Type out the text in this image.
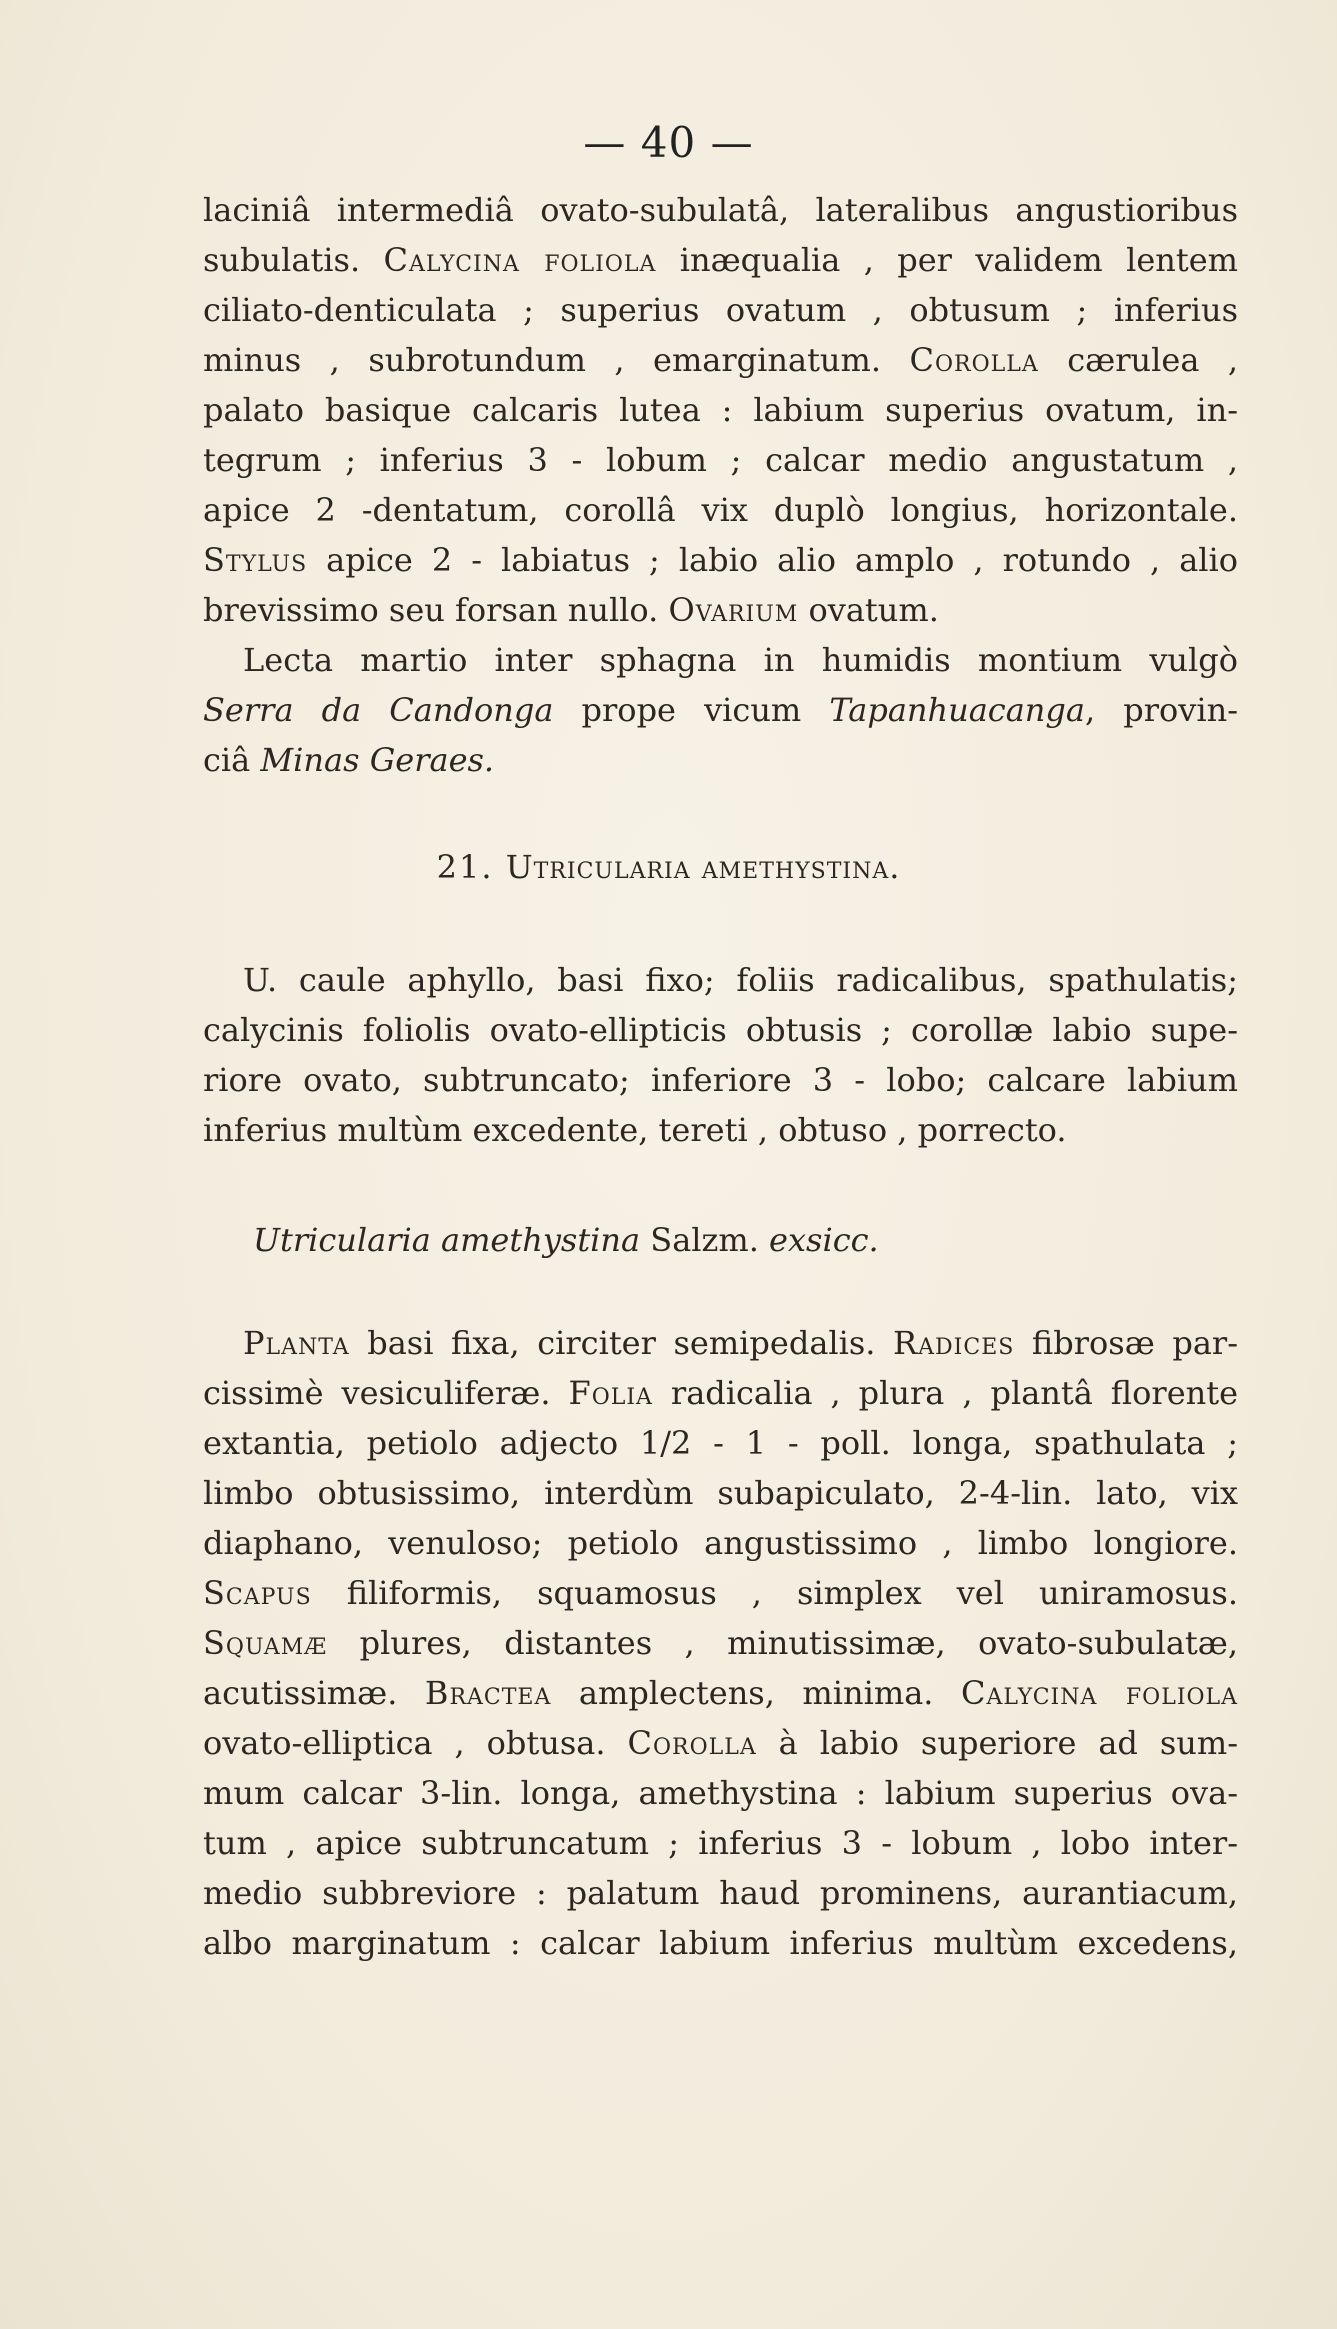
— 40 —
laciniâ intermediâ ovato-subulatâ, lateralibus angustioribus
subulatis. Calycina foliola inæqualia , per validem lentem
ciliato-denticulata ; superius ovatum , obtusum ; inferius
minus , subrotundum , emarginatum. Corolla cærulea ,
palato basique calcaris lutea : labium superius ovatum, in-
tegrum ; inferius 3 - lobum ; calcar medio angustatum ,
apice 2 -dentatum, corollâ vix duplò longius, horizontale.
Stylus apice 2 - labiatus ; labio alio amplo , rotundo , alio
brevissimo seu forsan nullo. Ovarium ovatum.
Lecta martio inter sphagna in humidis montium vulgò
Serra da Candonga prope vicum Tapanhuacanga, provin-
ciâ Minas Geraes.
21. Utricularia amethystina.
U. caule aphyllo, basi fixo; foliis radicalibus, spathulatis;
calycinis foliolis ovato-ellipticis obtusis ; corollæ labio supe-
riore ovato, subtruncato; inferiore 3 - lobo; calcare labium
inferius multùm excedente, tereti , obtuso , porrecto.
Utricularia amethystina Salzm. exsicc.
Planta basi fixa, circiter semipedalis. Radices fibrosæ par-
cissimè vesiculiferæ. Folia radicalia , plura , plantâ florente
extantia, petiolo adjecto 1/2 - 1 - poll. longa, spathulata ;
limbo obtusissimo, interdùm subapiculato, 2-4-lin. lato, vix
diaphano, venuloso; petiolo angustissimo , limbo longiore.
Scapus filiformis, squamosus , simplex vel uniramosus.
Squamæ plures, distantes , minutissimæ, ovato-subulatæ,
acutissimæ. Bractea amplectens, minima. Calycina foliola
ovato-elliptica , obtusa. Corolla à labio superiore ad sum-
mum calcar 3-lin. longa, amethystina : labium superius ova-
tum , apice subtruncatum ; inferius 3 - lobum , lobo inter-
medio subbreviore : palatum haud prominens, aurantiacum,
albo marginatum : calcar labium inferius multùm excedens,
